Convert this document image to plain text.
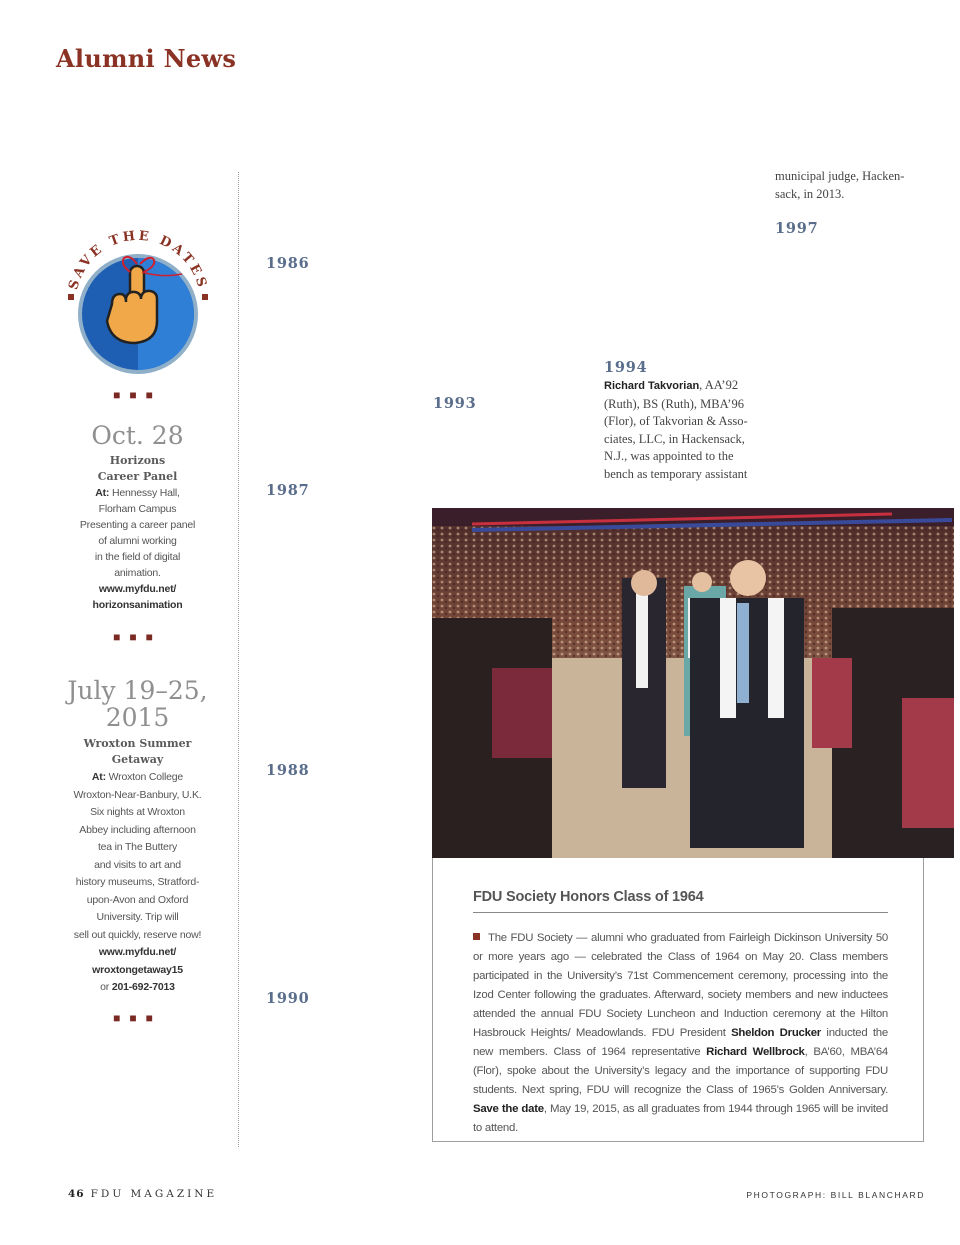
Alumni News
SAVE THE DATES
■■■
Oct. 28
Horizons
Career Panel
At: Hennessy Hall,
Florham Campus
Presenting a career panel
of alumni working
in the field of digital
animation.
www.myfdu.net/
horizonsanimation
■■■
July 19–25,
2015
Wroxton Summer
Getaway
At: Wroxton College
Wroxton-Near-Banbury, U.K.
Six nights at Wroxton
Abbey including afternoon
tea in The Buttery
and visits to art and
history museums, Stratford-
upon-Avon and Oxford
University. Trip will
sell out quickly, reserve now!
www.myfdu.net/
wroxtongetaway15
or 201-692-7013
■■■
1986
1987
1988
1990
1993
1994
1997
municipal judge, Hacken-
sack, in 2013.
Richard Takvorian, AA’92
(Ruth), BS (Ruth), MBA’96
(Flor), of Takvorian & Asso-
ciates, LLC, in Hackensack,
N.J., was appointed to the
bench as temporary assistant
FDU Society Honors Class of 1964
The FDU Society — alumni who graduated from Fairleigh Dickinson University 50 or more years ago — celebrated the Class of 1964 on May 20. Class members participated in the University’s 71st Commencement ceremony, processing into the Izod Center following the graduates. Afterward, society members and new inductees attended the annual FDU Society Luncheon and Induction ceremony at the Hilton Hasbrouck Heights/ Meadowlands. FDU President Sheldon Drucker inducted the new members. Class of 1964 representative Richard Wellbrock, BA’60, MBA’64 (Flor), spoke about the University’s legacy and the importance of supporting FDU students. Next spring, FDU will recognize the Class of 1965’s Golden Anniversary. Save the date, May 19, 2015, as all graduates from 1944 through 1965 will be invited to attend.
46 FDU MAGAZINE	PHOTOGRAPH: BILL BLANCHARD
